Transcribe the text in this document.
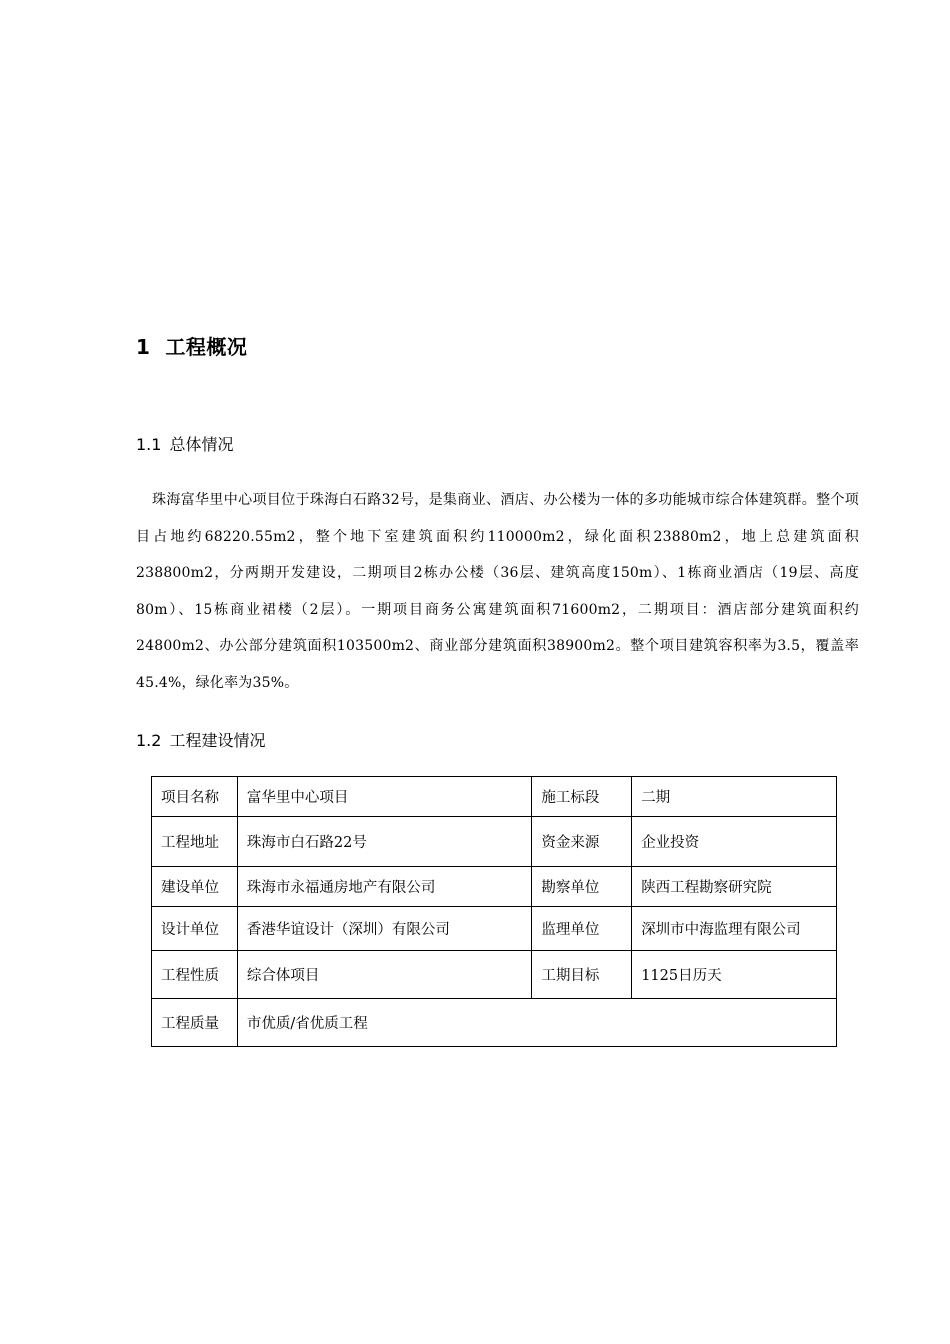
1 工程概况
1.1 总体情况

珠海富华里中心项目位于珠海白石路32号，是集商业、酒店、办公楼为一体的多功能城市综合体建筑群。整个项目占地约68220.55m2，整个地下室建筑面积约110000m2，绿化面积23880m2，地上总建筑面积238800m2，分两期开发建设，二期项目2栋办公楼（36层、建筑高度150m）、1栋商业酒店（19层、高度80m）、15栋商业裙楼（2层）。一期项目商务公寓建筑面积71600m2，二期项目：酒店部分建筑面积约24800m2、办公部分建筑面积103500m2、商业部分建筑面积38900m2。整个项目建筑容积率为3.5，覆盖率45.4%，绿化率为35%。

1.2 工程建设情况
项目名称	富华里中心项目	施工标段	二期
工程地址	珠海市白石路22号	资金来源	企业投资
建设单位	珠海市永福通房地产有限公司	勘察单位	陕西工程勘察研究院
设计单位	香港华谊设计（深圳）有限公司	监理单位	深圳市中海监理有限公司
工程性质	综合体项目	工期目标	1125日历天
工程质量	市优质/省优质工程		
